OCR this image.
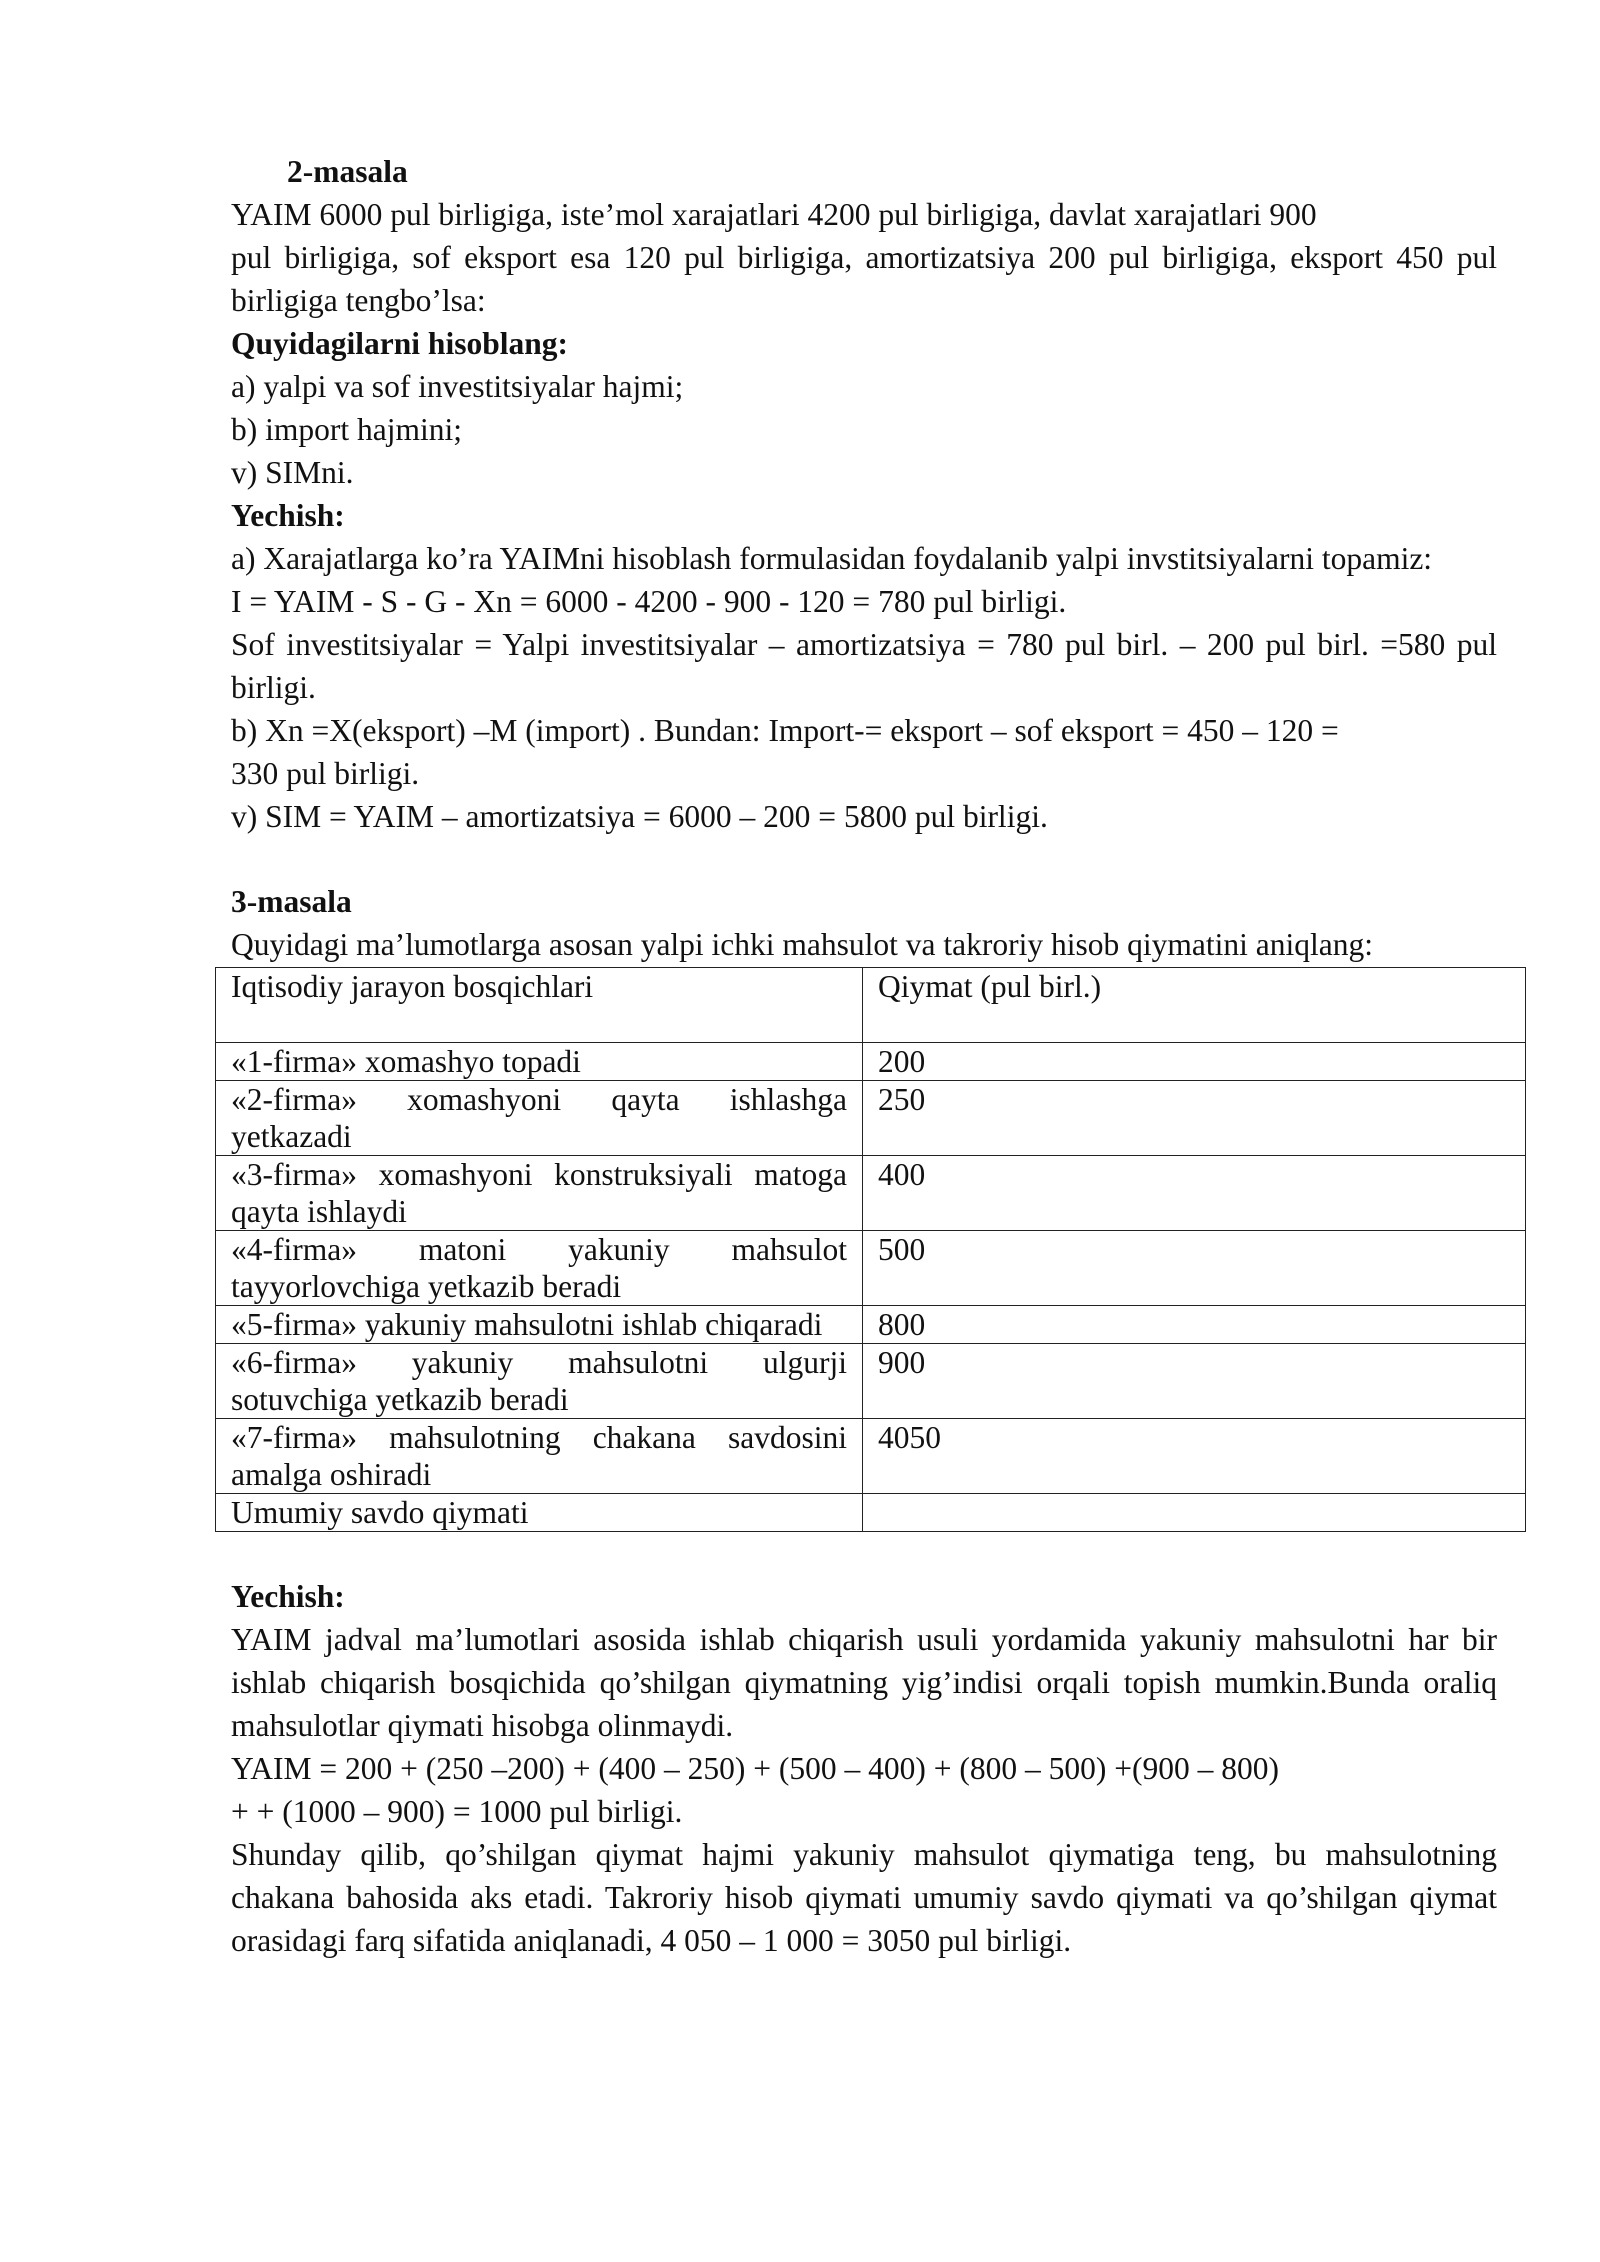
2-masala
YAIM 6000 pul birligiga, iste’mol xarajatlari 4200 pul birligiga, davlat xarajatlari 900
pul birligiga, sof eksport esa 120 pul birligiga, amortizatsiya 200 pul birligiga, eksport 450 pul
birligiga tengbo’lsa:
Quyidagilarni hisoblang:
a) yalpi va sof investitsiyalar hajmi;
b) import hajmini;
v) SIMni.
Yechish:
a) Xarajatlarga ko’ra YAIMni hisoblash formulasidan foydalanib yalpi invstitsiyalarni topamiz:
I = YAIM - S - G - Xn = 6000 - 4200 - 900 - 120 = 780 pul birligi.
Sof investitsiyalar = Yalpi investitsiyalar – amortizatsiya = 780 pul birl. – 200 pul birl. =580 pul
birligi.
b) Xn =X(eksport) –M (import) . Bundan: Import-= eksport – sof eksport = 450 – 120 =
330 pul birligi.
v) SIM = YAIM – amortizatsiya = 6000 – 200 = 5800 pul birligi.
3-masala
Quyidagi ma’lumotlarga asosan yalpi ichki mahsulot va takroriy hisob qiymatini aniqlang:
Iqtisodiy jarayon bosqichlari	Qiymat (pul birl.)
«1-firma» xomashyo topadi	200
«2-firma» xomashyoni qayta ishlashga yetkazadi	250
«3-firma» xomashyoni konstruksiyali matoga qayta ishlaydi	400
«4-firma» matoni yakuniy mahsulot tayyorlovchiga yetkazib beradi	500
«5-firma» yakuniy mahsulotni ishlab chiqaradi	800
«6-firma» yakuniy mahsulotni ulgurji sotuvchiga yetkazib beradi	900
«7-firma» mahsulotning chakana savdosini amalga oshiradi	4050
Umumiy savdo qiymati	
Yechish:
YAIM jadval ma’lumotlari asosida ishlab chiqarish usuli yordamida yakuniy mahsulotni har bir
ishlab chiqarish bosqichida qo’shilgan qiymatning yig’indisi orqali topish mumkin.Bunda oraliq
mahsulotlar qiymati hisobga olinmaydi.
YAIM = 200 + (250 –200) + (400 – 250) + (500 – 400) + (800 – 500) +(900 – 800)
+ + (1000 – 900) = 1000 pul birligi.
Shunday qilib, qo’shilgan qiymat hajmi yakuniy mahsulot qiymatiga teng, bu mahsulotning
chakana bahosida aks etadi. Takroriy hisob qiymati umumiy savdo qiymati va qo’shilgan qiymat
orasidagi farq sifatida aniqlanadi, 4 050 – 1 000 = 3050 pul birligi.
